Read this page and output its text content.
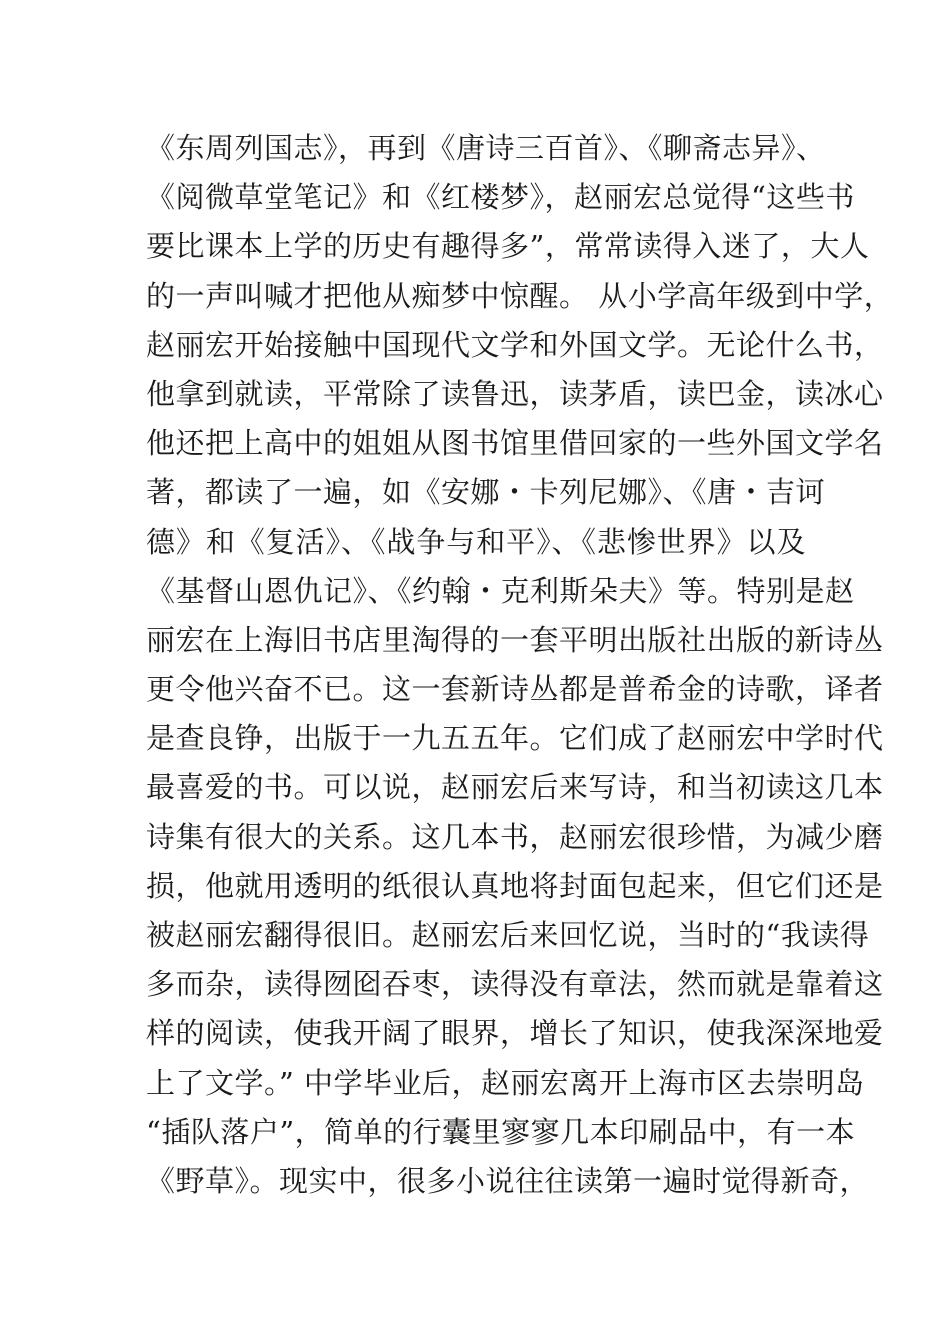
《东周列国志》，再到《唐诗三百首》、《聊斋志异》、
《阅微草堂笔记》和《红楼梦》，赵丽宏总觉得“这些书
要比课本上学的历史有趣得多”，常常读得入迷了，大人
的一声叫喊才把他从痴梦中惊醒。 从小学高年级到中学，
赵丽宏开始接触中国现代文学和外国文学。无论什么书，
他拿到就读，平常除了读鲁迅，读茅盾，读巴金，读冰心
他还把上高中的姐姐从图书馆里借回家的一些外国文学名
著，都读了一遍，如《安娜・卡列尼娜》、《唐・吉诃
德》和《复活》、《战争与和平》、《悲惨世界》以及
《基督山恩仇记》、《约翰・克利斯朵夫》等。特别是赵
丽宏在上海旧书店里淘得的一套平明出版社出版的新诗丛
更令他兴奋不已。这一套新诗丛都是普希金的诗歌，译者
是查良铮，出版于一九五五年。它们成了赵丽宏中学时代
最喜爱的书。可以说，赵丽宏后来写诗，和当初读这几本
诗集有很大的关系。这几本书，赵丽宏很珍惜，为减少磨
损，他就用透明的纸很认真地将封面包起来，但它们还是
被赵丽宏翻得很旧。赵丽宏后来回忆说，当时的“我读得
多而杂，读得囫囵吞枣，读得没有章法，然而就是靠着这
样的阅读，使我开阔了眼界，增长了知识，使我深深地爱
上了文学。” 中学毕业后，赵丽宏离开上海市区去崇明岛
“插队落户”，简单的行囊里寥寥几本印刷品中，有一本
《野草》。现实中，很多小说往往读第一遍时觉得新奇，
